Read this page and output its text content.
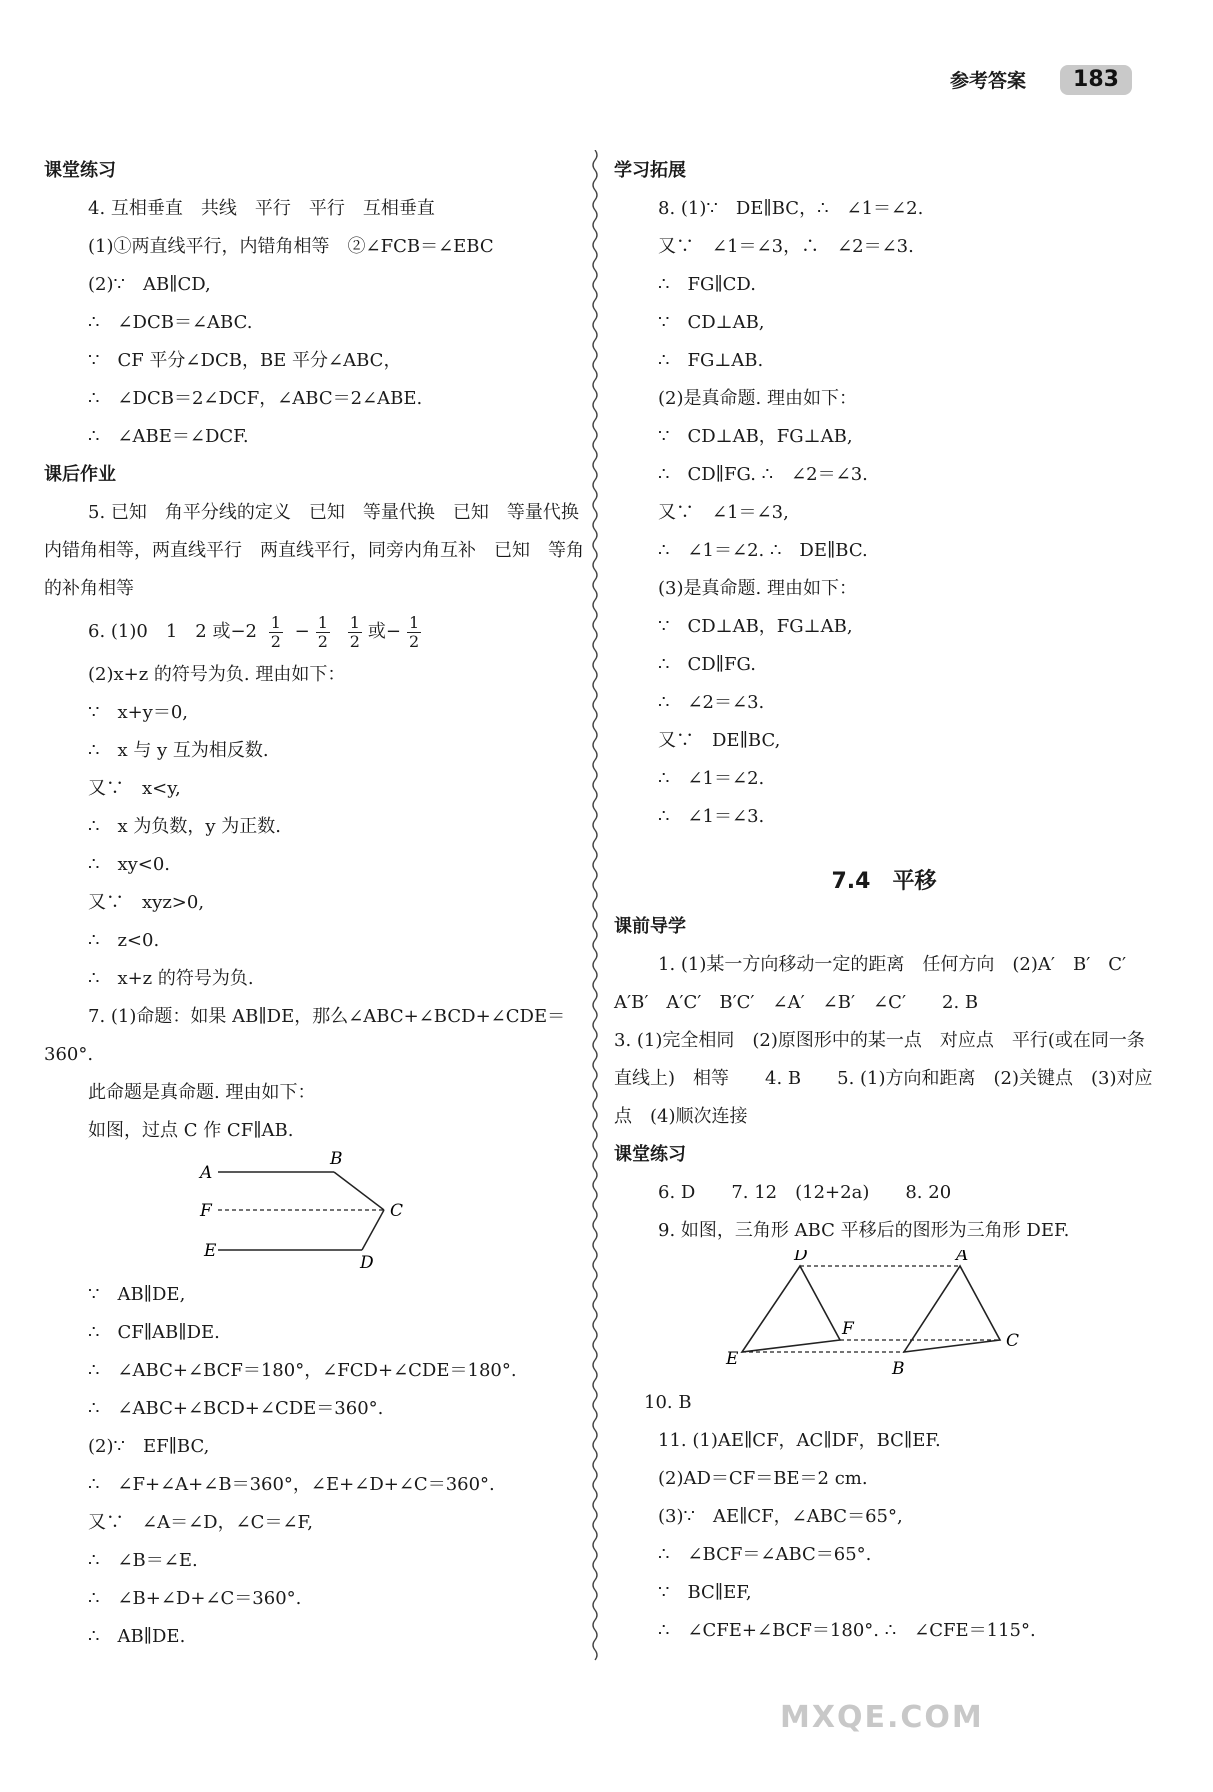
参考答案	183
课堂练习
4. 互相垂直　共线　平行　平行　互相垂直
(1)①两直线平行，内错角相等　②∠FCB＝∠EBC
(2)∵　AB∥CD,
∴　∠DCB＝∠ABC.
∵　CF 平分∠DCB，BE 平分∠ABC，
∴　∠DCB＝2∠DCF，∠ABC＝2∠ABE.
∴　∠ABE＝∠DCF.
课后作业
5. 已知　角平分线的定义　已知　等量代换　已知　等量代换　内错角相等，两直线平行　两直线平行，同旁内角互补　已知　等角的补角相等
6. (1)0　1　2 或$-2 \frac{1}{2} - \frac{1}{2}$
$\frac{1}{2}$ 或− $\frac{1}{2}$
(2)x+z 的符号为负. 理由如下：
∵　x+y＝0,
∴　x 与 y 互为相反数.
又∵　x<y,
∴　x 为负数，y 为正数.
∴　xy<0.
又∵　xyz>0,
∴　z<0.
∴　x+z 的符号为负.
7. (1)命题：如果 AB∥DE，那么∠ABC+∠BCD+∠CDE＝360°.
此命题是真命题. 理由如下：
如图，过点 C 作 CF∥AB.
A
B
C
F
E
D
∵　AB∥DE,
∴　CF∥AB∥DE.
∴　∠ABC+∠BCF＝180°，∠FCD+∠CDE＝180°.
∴　∠ABC+∠BCD+∠CDE＝360°.
(2)∵　EF∥BC,
∴　∠F+∠A+∠B＝360°，∠E+∠D+∠C＝360°.
又∵　∠A＝∠D，∠C＝∠F,
∴　∠B＝∠E.
∴　∠B+∠D+∠C＝360°.
∴　AB∥DE.
学习拓展
8. (1)∵　DE∥BC，∴　∠1＝∠2.
又∵　∠1＝∠3，∴　∠2＝∠3.
∴　FG∥CD.
∵　CD⊥AB,
∴　FG⊥AB.
(2)是真命题. 理由如下：
∵　CD⊥AB，FG⊥AB,
∴　CD∥FG. ∴　∠2＝∠3.
又∵　∠1＝∠3,
∴　∠1＝∠2. ∴　DE∥BC.
(3)是真命题. 理由如下：
∵　CD⊥AB，FG⊥AB,
∴　CD∥FG.
∴　∠2＝∠3.
又∵　DE∥BC,
∴　∠1＝∠2.
∴　∠1＝∠3.
7.4　平移
课前导学
1. (1)某一方向移动一定的距离　任何方向　(2)A′　B′　C′　A′B′　A′C′　B′C′　∠A′　∠B′　∠C′　　2. B
3. (1)完全相同　(2)原图形中的某一点　对应点　平行(或在同一条直线上)　相等　　4. B　　5. (1)方向和距离　(2)关键点　(3)对应点　(4)顺次连接
课堂练习
6. D　　7. 12　(12+2a)　　8. 20
9. 如图，三角形 ABC 平移后的图形为三角形 DEF.
D	A
F
C
E	B
10. B
11. (1)AE∥CF，AC∥DF，BC∥EF.
(2)AD＝CF＝BE＝2 cm.
(3)∵　AE∥CF，∠ABC＝65°,
∴　∠BCF＝∠ABC＝65°.
∵　BC∥EF,
∴　∠CFE+∠BCF＝180°. ∴　∠CFE＝115°.
MXQE.COM
